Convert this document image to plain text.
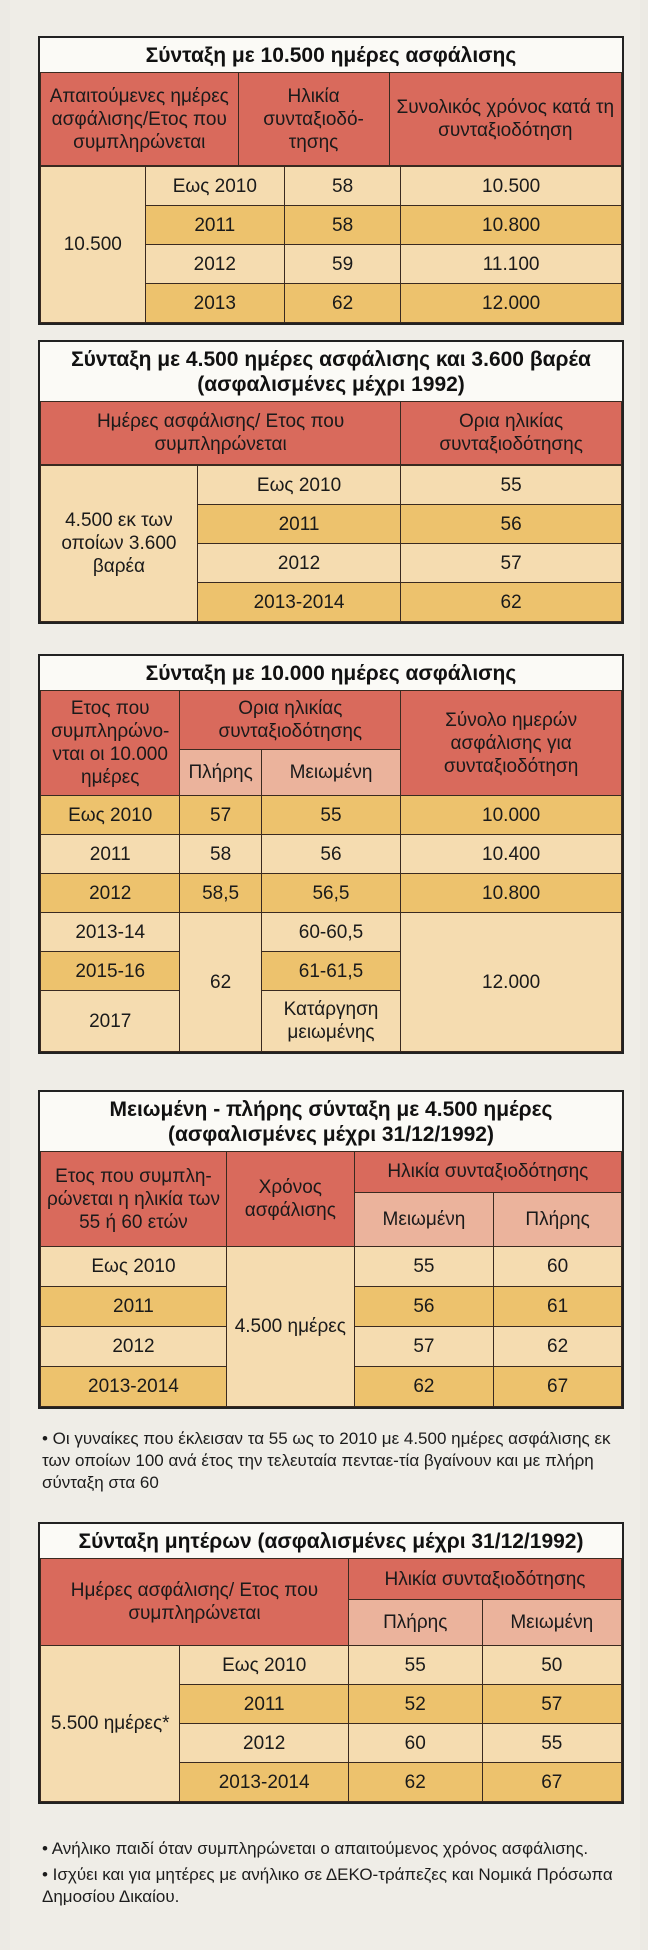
Σύνταξη με 10.500 ημέρες ασφάλισης
Απαιτούμενες ημέρες ασφάλισης/Ετος που συμπληρώνεται	Ηλικία συνταξιοδό-τησης	Συνολικός χρόνος κατά τη συνταξιοδότηση
10.500	Εως 2010	58	10.500
	2011	58	10.800
	2012	59	11.100
	2013	62	12.000
Σύνταξη με 4.500 ημέρες ασφάλισης και 3.600 βαρέα (ασφαλισμένες μέχρι 1992)
Ημέρες ασφάλισης/ Ετος που συμπληρώνεται	Ορια ηλικίας συνταξιοδότησης
4.500 εκ των οποίων 3.600 βαρέα	Εως 2010	55
	2011	56
	2012	57
	2013-2014	62
Σύνταξη με 10.000 ημέρες ασφάλισης
Ετος που συμπληρώνο-νται οι 10.000 ημέρες	Ορια ηλικίας συνταξιοδότησης		Σύνολο ημερών ασφάλισης για συνταξιοδότηση
	Πλήρης	Μειωμένη	
Εως 2010	57	55	10.000
2011	58	56	10.400
2012	58,5	56,5	10.800
2013-14	62	60-60,5	12.000
2015-16		61-61,5	
2017		Κατάργηση μειωμένης	
Μειωμένη - πλήρης σύνταξη με 4.500 ημέρες (ασφαλισμένες μέχρι 31/12/1992)
Ετος που συμπλη-ρώνεται η ηλικία των 55 ή 60 ετών	Χρόνος ασφάλισης	Ηλικία συνταξιοδότησης	
		Μειωμένη	Πλήρης
Εως 2010	4.500 ημέρες	55	60
2011		56	61
2012		57	62
2013-2014		62	67

• Οι γυναίκες που έκλεισαν τα 55 ως το 2010 με 4.500 ημέρες ασφάλισης εκ των οποίων 100 ανά έτος την τελευταία πενταε-τία βγαίνουν και με πλήρη σύνταξη στα 60

Σύνταξη μητέρων (ασφαλισμένες μέχρι 31/12/1992)
Ημέρες ασφάλισης/ Ετος που συμπληρώνεται		Ηλικία συνταξιοδότησης	
		Πλήρης	Μειωμένη
5.500 ημέρες*	Εως 2010	55	50
	2011	52	57
	2012	60	55
	2013-2014	62	67

• Ανήλικο παιδί όταν συμπληρώνεται ο απαιτούμενος χρόνος ασφάλισης.

• Ισχύει και για μητέρες με ανήλικο σε ΔΕΚΟ-τράπεζες και Νομικά Πρόσωπα Δημοσίου Δικαίου.
